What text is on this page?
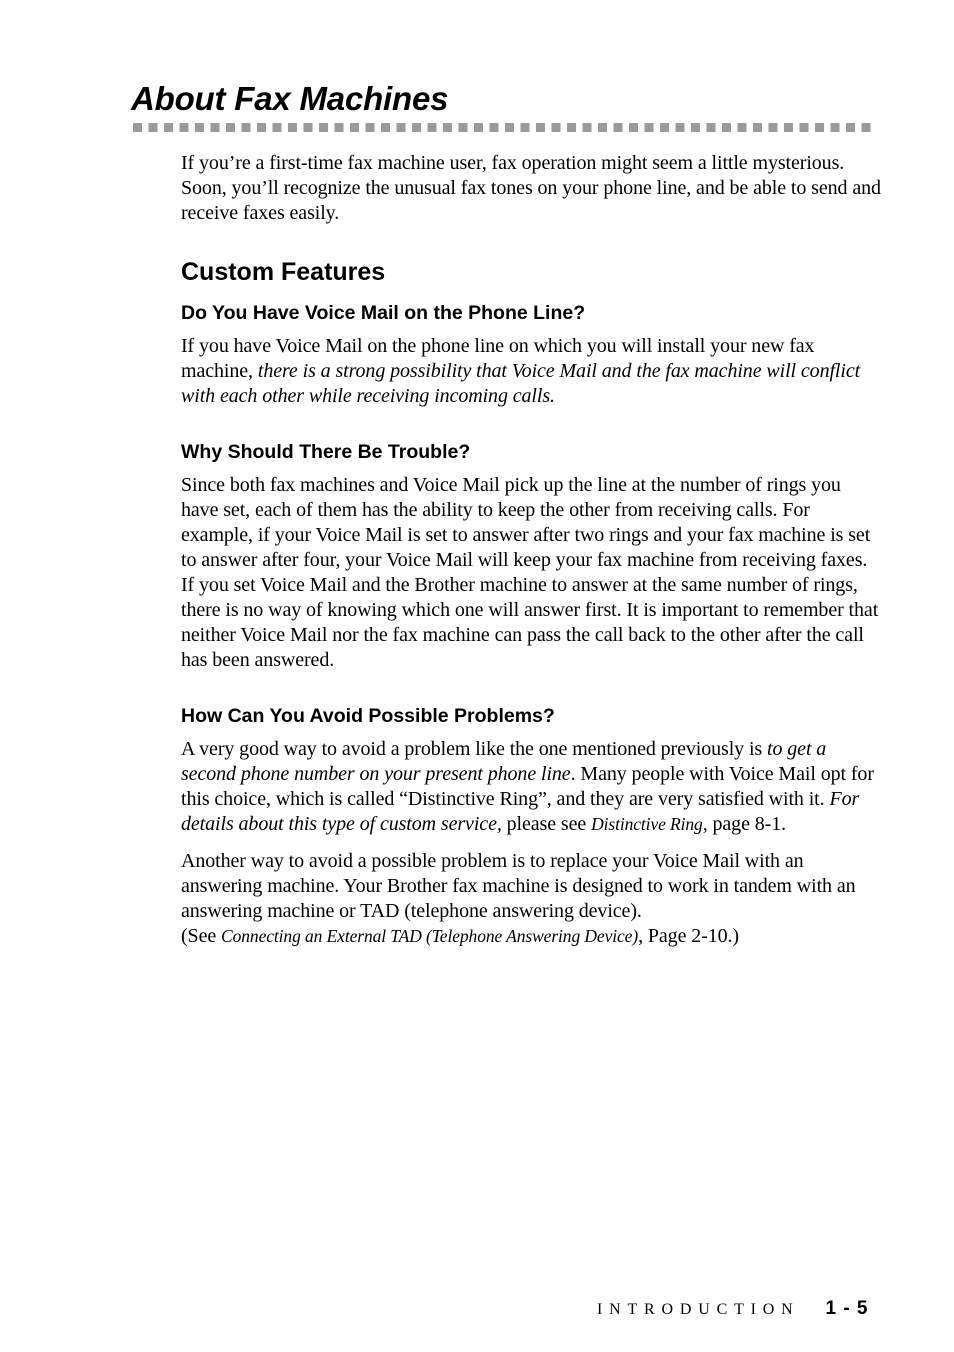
About Fax Machines

If you’re a first-time fax machine user, fax operation might seem a little mysterious. Soon, you’ll recognize the unusual fax tones on your phone line, and be able to send and receive faxes easily.

Custom Features
Do You Have Voice Mail on the Phone Line?

If you have Voice Mail on the phone line on which you will install your new fax machine, there is a strong possibility that Voice Mail and the fax machine will conflict with each other while receiving incoming calls.

Why Should There Be Trouble?

Since both fax machines and Voice Mail pick up the line at the number of rings you have set, each of them has the ability to keep the other from receiving calls. For example, if your Voice Mail is set to answer after two rings and your fax machine is set to answer after four, your Voice Mail will keep your fax machine from receiving faxes. If you set Voice Mail and the Brother machine to answer at the same number of rings, there is no way of knowing which one will answer first. It is important to remember that neither Voice Mail nor the fax machine can pass the call back to the other after the call has been answered.

How Can You Avoid Possible Problems?

A very good way to avoid a problem like the one mentioned previously is to get a second phone number on your present phone line. Many people with Voice Mail opt for this choice, which is called “Distinctive Ring”, and they are very satisfied with it. For details about this type of custom service, please see Distinctive Ring, page 8-1.

Another way to avoid a possible problem is to replace your Voice Mail with an answering machine. Your Brother fax machine is designed to work in tandem with an answering machine or TAD (telephone answering device).
(See Connecting an External TAD (Telephone Answering Device), Page 2-10.)

INTRODUCTION 1 - 5
